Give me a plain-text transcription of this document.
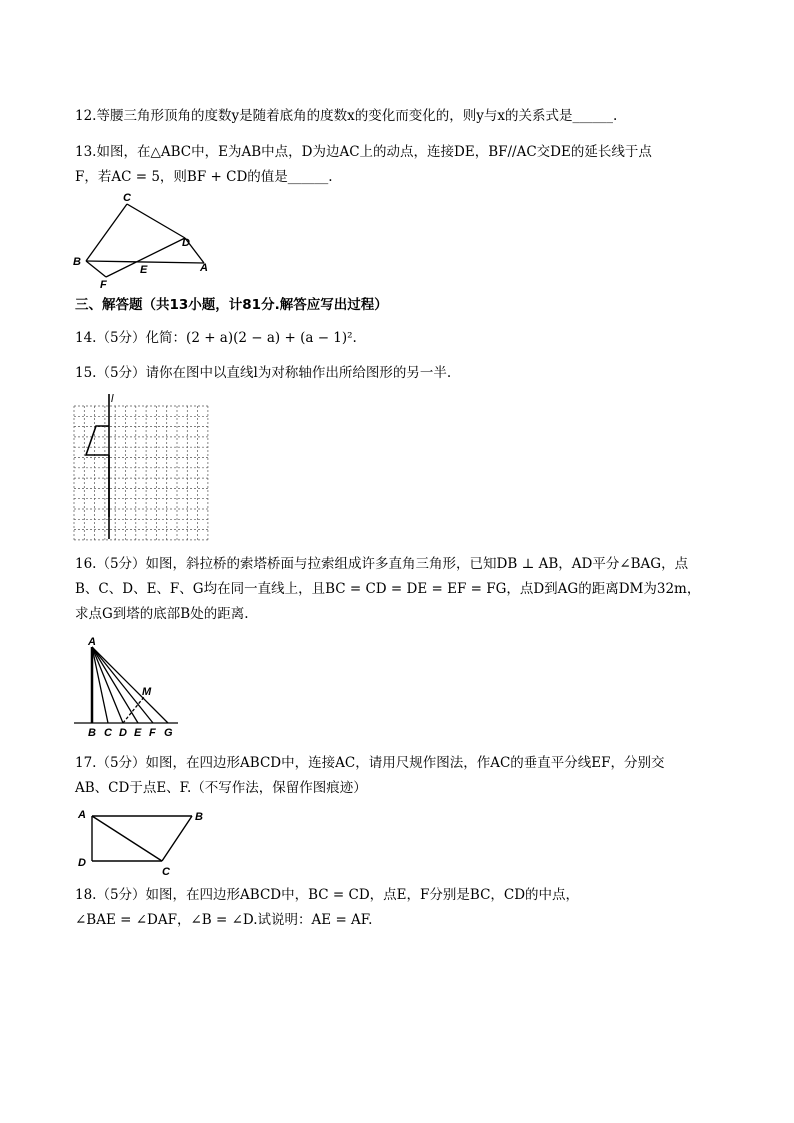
12.等腰三角形顶角的度数y是随着底角的度数x的变化而变化的，则y与x的关系式是______.
13.如图，在△ABC中，E为AB中点，D为边AC上的动点，连接DE，BF//AC交DE的延长线于点
F，若AC = 5，则BF + CD的值是______.
C
D
B
E	A
F
三、解答题（共13小题，计81分.解答应写出过程）
14.（5分）化简：(2 + a)(2 − a) + (a − 1)².
15.（5分）请你在图中以直线l为对称轴作出所给图形的另一半.
l
16.（5分）如图，斜拉桥的索塔桥面与拉索组成许多直角三角形，已知DB ⊥ AB，AD平分∠BAG，点
B、C、D、E、F、G均在同一直线上，且BC = CD = DE = EF = FG，点D到AG的距离DM为32m，
求点G到塔的底部B处的距离.
A
M
B C D E F G
17.（5分）如图，在四边形ABCD中，连接AC，请用尺规作图法，作AC的垂直平分线EF，分别交
AB、CD于点E、F.（不写作法，保留作图痕迹）
A	B
D
C
18.（5分）如图，在四边形ABCD中，BC = CD，点E，F分别是BC，CD的中点，
∠BAE = ∠DAF，∠B = ∠D.试说明：AE = AF.
